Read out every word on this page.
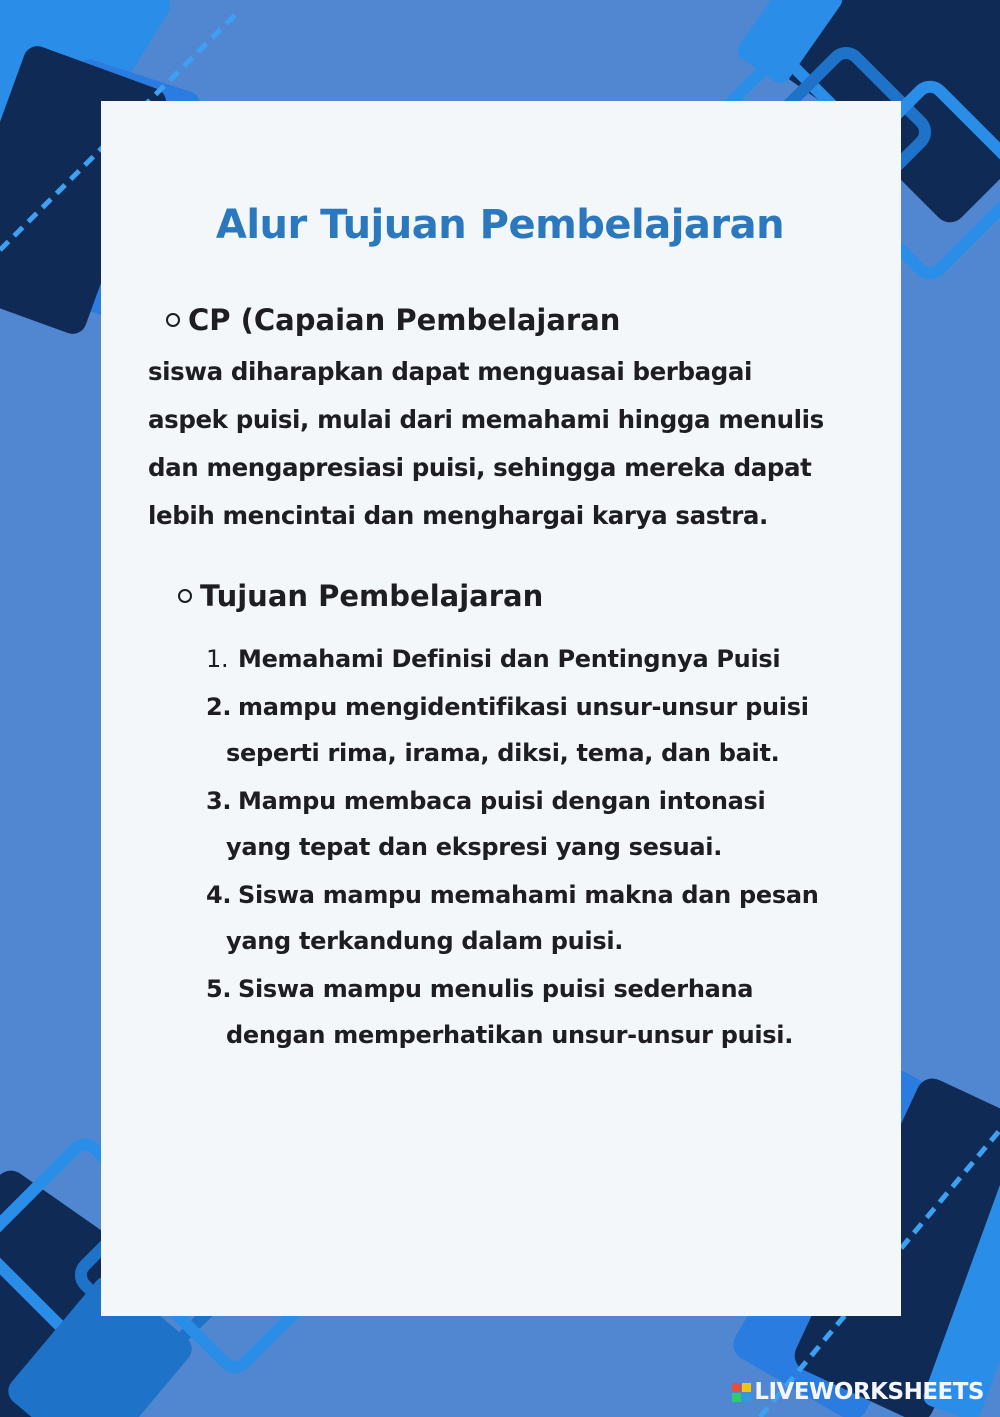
Alur Tujuan Pembelajaran
CP (Capaian Pembelajaran
siswa diharapkan dapat menguasai berbagai
aspek puisi, mulai dari memahami hingga menulis
dan mengapresiasi puisi, sehingga mereka dapat
lebih mencintai dan menghargai karya sastra.
Tujuan Pembelajaran
1. Memahami Definisi dan Pentingnya Puisi
2. mampu mengidentifikasi unsur-unsur puisi
seperti rima, irama, diksi, tema, dan bait.
3. Mampu membaca puisi dengan intonasi
yang tepat dan ekspresi yang sesuai.
4. Siswa mampu memahami makna dan pesan
yang terkandung dalam puisi.
5. Siswa mampu menulis puisi sederhana
dengan memperhatikan unsur-unsur puisi.
LIVEWORKSHEETS
